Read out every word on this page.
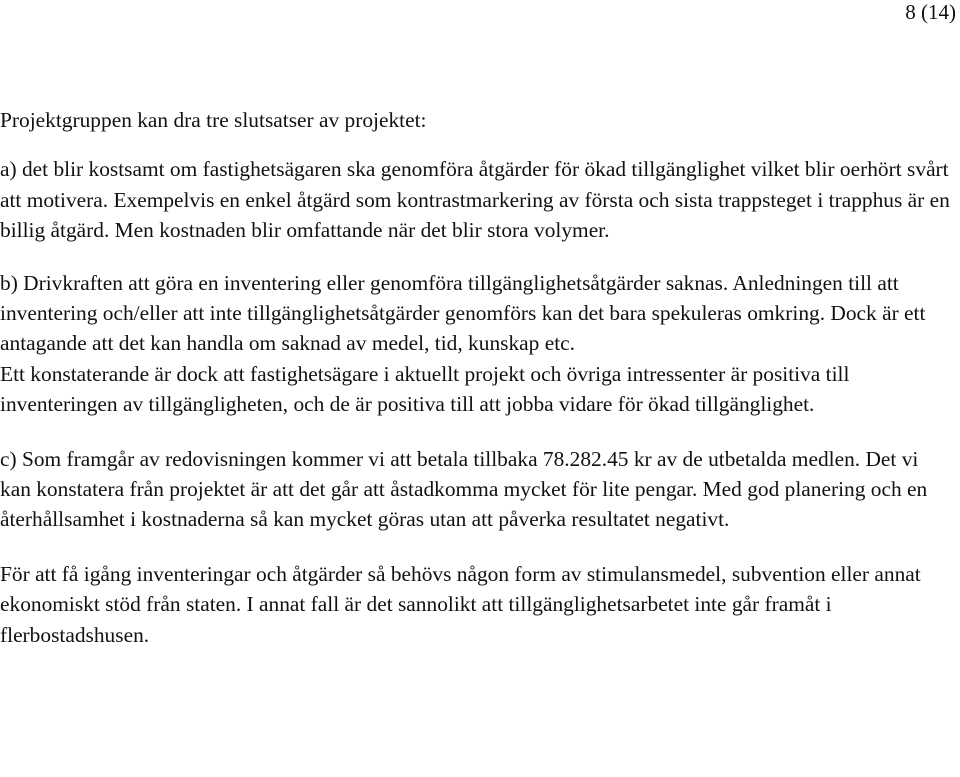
8 (14)

Projektgruppen kan dra tre slutsatser av projektet:

a) det blir kostsamt om fastighetsägaren ska genomföra åtgärder för ökad tillgänglighet vilket blir oerhört svårt att motivera. Exempelvis en enkel åtgärd som kontrastmarkering av första och sista trappsteget i trapphus är en billig åtgärd. Men kostnaden blir omfattande när det blir stora volymer.

b) Drivkraften att göra en inventering eller genomföra tillgänglighetsåtgärder saknas. Anledningen till att inventering och/eller att inte tillgänglighetsåtgärder genomförs kan det bara spekuleras omkring. Dock är ett antagande att det kan handla om saknad av medel, tid, kunskap etc.

Ett konstaterande är dock att fastighetsägare i aktuellt projekt och övriga intressenter är positiva till inventeringen av tillgängligheten, och de är positiva till att jobba vidare för ökad tillgänglighet.

c) Som framgår av redovisningen kommer vi att betala tillbaka 78.282.45 kr av de utbetalda medlen. Det vi kan konstatera från projektet är att det går att åstadkomma mycket för lite pengar. Med god planering och en återhållsamhet i kostnaderna så kan mycket göras utan att påverka resultatet negativt.

För att få igång inventeringar och åtgärder så behövs någon form av stimulansmedel, subvention eller annat ekonomiskt stöd från staten. I annat fall är det sannolikt att tillgänglighetsarbetet inte går framåt i flerbostadshusen.
